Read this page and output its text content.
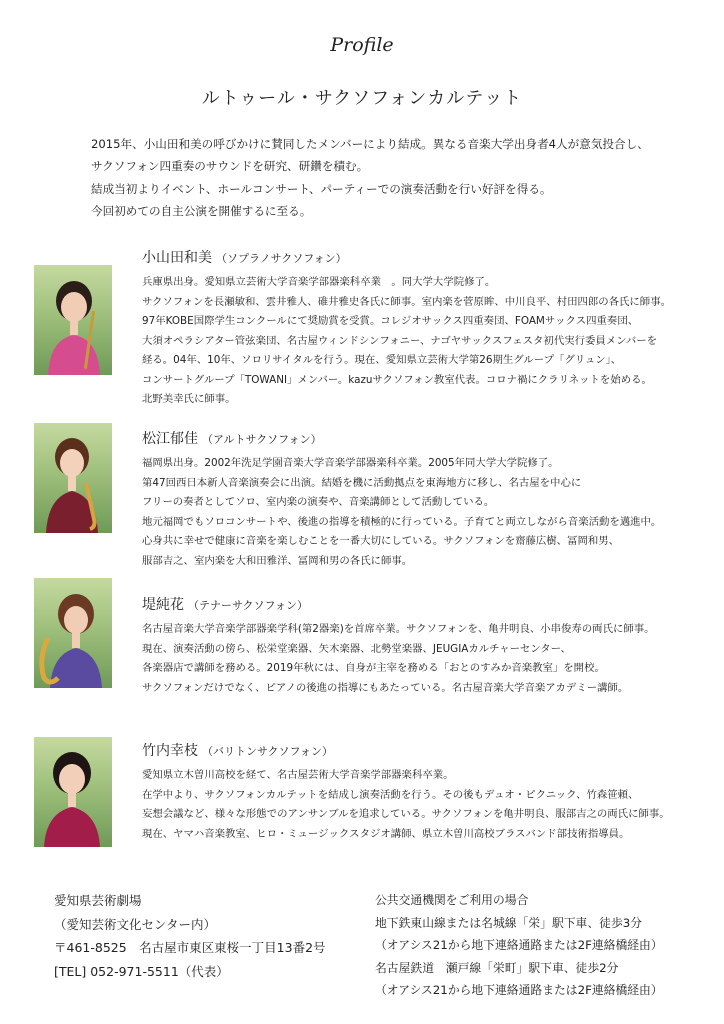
Profile
ルトゥール・サクソフォンカルテット

2015年、小山田和美の呼びかけに賛同したメンバーにより結成。異なる音楽大学出身者4人が意気投合し、

サクソフォン四重奏のサウンドを研究、研鑽を積む。

結成当初よりイベント、ホールコンサート、パーティーでの演奏活動を行い好評を得る。

今回初めての自主公演を開催するに至る。

小山田和美 （ソプラノサクソフォン）

兵庫県出身。愛知県立芸術大学音楽学部器楽科卒業　。同大学大学院修了。

サクソフォンを長瀬敏和、雲井雅人、碓井雅史各氏に師事。室内楽を菅原眸、中川良平、村田四郎の各氏に師事。

97年KOBE国際学生コンクールにて奨励賞を受賞。コレジオサックス四重奏団、FOAMサックス四重奏団、

大須オペラシアター管弦楽団、名古屋ウィンドシンフォニー、ナゴヤサックスフェスタ初代実行委員メンバーを

経る。04年、10年、ソロリサイタルを行う。現在、愛知県立芸術大学第26期生グループ「グリュン」、

コンサートグループ「TOWANI」メンバー。kazuサクソフォン教室代表。コロナ禍にクラリネットを始める。

北野美幸氏に師事。

松江郁佳 （アルトサクソフォン）

福岡県出身。2002年洗足学園音楽大学音楽学部器楽科卒業。2005年同大学大学院修了。

第47回西日本新人音楽演奏会に出演。結婚を機に活動拠点を東海地方に移し、名古屋を中心に

フリーの奏者としてソロ、室内楽の演奏や、音楽講師として活動している。

地元福岡でもソロコンサートや、後進の指導を積極的に行っている。子育てと両立しながら音楽活動を邁進中。

心身共に幸せで健康に音楽を楽しむことを一番大切にしている。サクソフォンを齋藤広樹、冨岡和男、

服部吉之、室内楽を大和田雅洋、冨岡和男の各氏に師事。

堤純花 （テナーサクソフォン）

名古屋音楽大学音楽学部器楽学科(第2器楽)を首席卒業。サクソフォンを、亀井明良、小串俊寿の両氏に師事。

現在、演奏活動の傍ら、松栄堂楽器、矢木楽器、北勢堂楽器、JEUGIAカルチャーセンター、

各楽器店で講師を務める。2019年秋には、自身が主宰を務める「おとのすみか音楽教室」を開校。

サクソフォンだけでなく、ピアノの後進の指導にもあたっている。名古屋音楽大学音楽アカデミー講師。

竹内幸枝 （バリトンサクソフォン）

愛知県立木曽川高校を経て、名古屋芸術大学音楽学部器楽科卒業。

在学中より、サクソフォンカルテットを結成し演奏活動を行う。その後もデュオ・ピクニック、竹森笹頼、

妄想会議など、様々な形態でのアンサンブルを追求している。サクソフォンを亀井明良、服部吉之の両氏に師事。

現在、ヤマハ音楽教室、ヒロ・ミュージックスタジオ講師、県立木曽川高校ブラスバンド部技術指導員。

愛知県芸術劇場

（愛知芸術文化センター内）

〒461-8525　名古屋市東区東桜一丁目13番2号

[TEL] 052-971-5511（代表）

公共交通機関をご利用の場合

地下鉄東山線または名城線「栄」駅下車、徒歩3分

（オアシス21から地下連絡通路または2F連絡橋経由）

名古屋鉄道　瀬戸線「栄町」駅下車、徒歩2分

（オアシス21から地下連絡通路または2F連絡橋経由）
